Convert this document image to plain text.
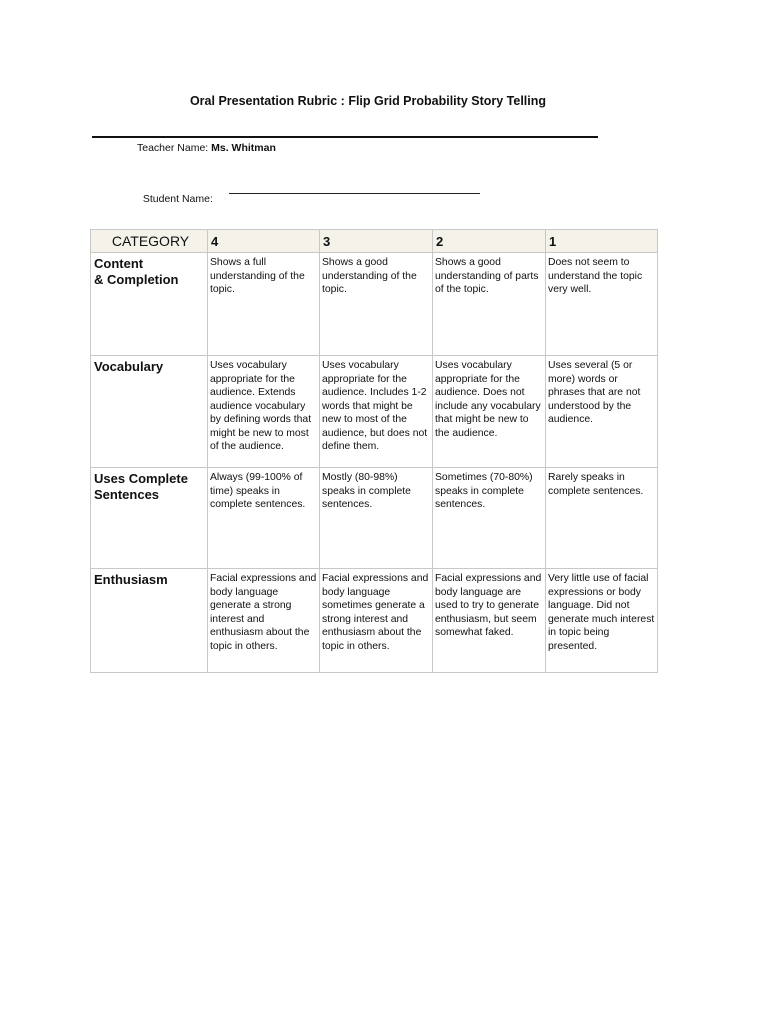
Oral Presentation Rubric : Flip Grid Probability Story Telling
Teacher Name: Ms. Whitman

Student Name:

CATEGORY	4	3	2	1
Content
& Completion	Shows a full understanding of the topic.	Shows a good understanding of the topic.	Shows a good understanding of parts of the topic.	Does not seem to understand the topic very well.
Vocabulary	Uses vocabulary appropriate for the audience. Extends audience vocabulary by defining words that might be new to most of the audience.	Uses vocabulary appropriate for the audience. Includes 1-2 words that might be new to most of the audience, but does not define them.	Uses vocabulary appropriate for the audience. Does not include any vocabulary that might be new to the audience.	Uses several (5 or more) words or phrases that are not understood by the audience.
Uses Complete Sentences	Always (99-100% of time) speaks in complete sentences.	Mostly (80-98%) speaks in complete sentences.	Sometimes (70-80%) speaks in complete sentences.	Rarely speaks in complete sentences.
Enthusiasm	Facial expressions and body language generate a strong interest and enthusiasm about the topic in others.	Facial expressions and body language sometimes generate a strong interest and enthusiasm about the topic in others.	Facial expressions and body language are used to try to generate enthusiasm, but seem somewhat faked.	Very little use of facial expressions or body language. Did not generate much interest in topic being presented.
